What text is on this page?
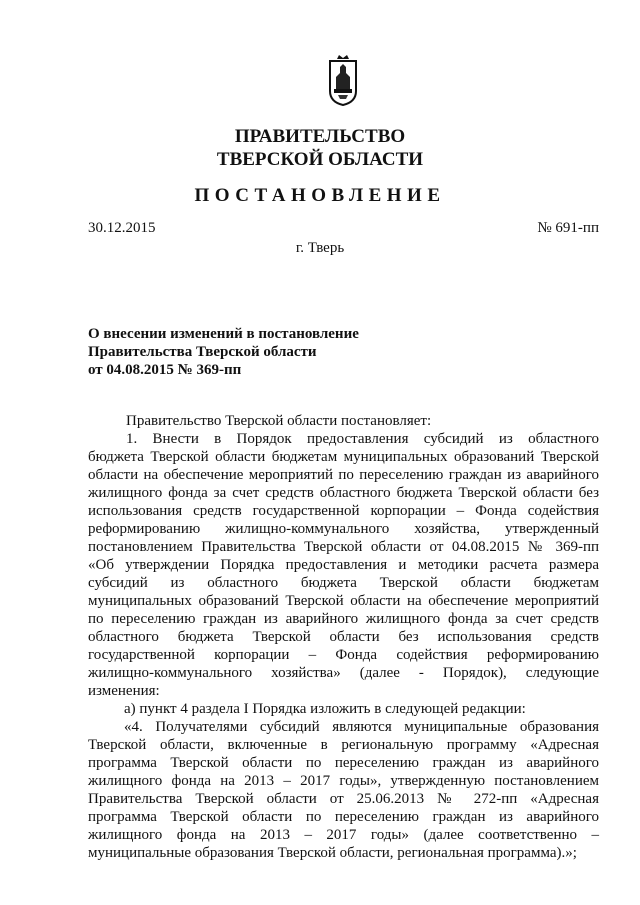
ПРАВИТЕЛЬСТВО
ТВЕРСКОЙ ОБЛАСТИ
ПОСТАНОВЛЕНИЕ
30.12.2015	№ 691-пп
г. Тверь
О внесении изменений в постановление
Правительства Тверской области
от 04.08.2015 № 369-пп
Правительство Тверской области постановляет:
1. Внести в Порядок предоставления субсидий из областного
бюджета Тверской области бюджетам муниципальных образований Тверской
области на обеспечение мероприятий по переселению граждан из аварийного
жилищного фонда за счет средств областного бюджета Тверской области без
использования средств государственной корпорации – Фонда содействия
реформированию жилищно-коммунального хозяйства, утвержденный
постановлением Правительства Тверской области от 04.08.2015 № 369-пп
«Об утверждении Порядка предоставления и методики расчета размера
субсидий из областного бюджета Тверской области бюджетам
муниципальных образований Тверской области на обеспечение мероприятий
по переселению граждан из аварийного жилищного фонда за счет средств
областного бюджета Тверской области без использования средств
государственной корпорации – Фонда содействия реформированию
жилищно-коммунального хозяйства» (далее - Порядок), следующие
изменения:
а) пункт 4 раздела I Порядка изложить в следующей редакции:
«4. Получателями субсидий являются муниципальные образования
Тверской области, включенные в региональную программу «Адресная
программа Тверской области по переселению граждан из аварийного
жилищного фонда на 2013 – 2017 годы», утвержденную постановлением
Правительства Тверской области от 25.06.2013 № 272-пп «Адресная
программа Тверской области по переселению граждан из аварийного
жилищного фонда на 2013 – 2017 годы» (далее соответственно –
муниципальные образования Тверской области, региональная программа).»;
